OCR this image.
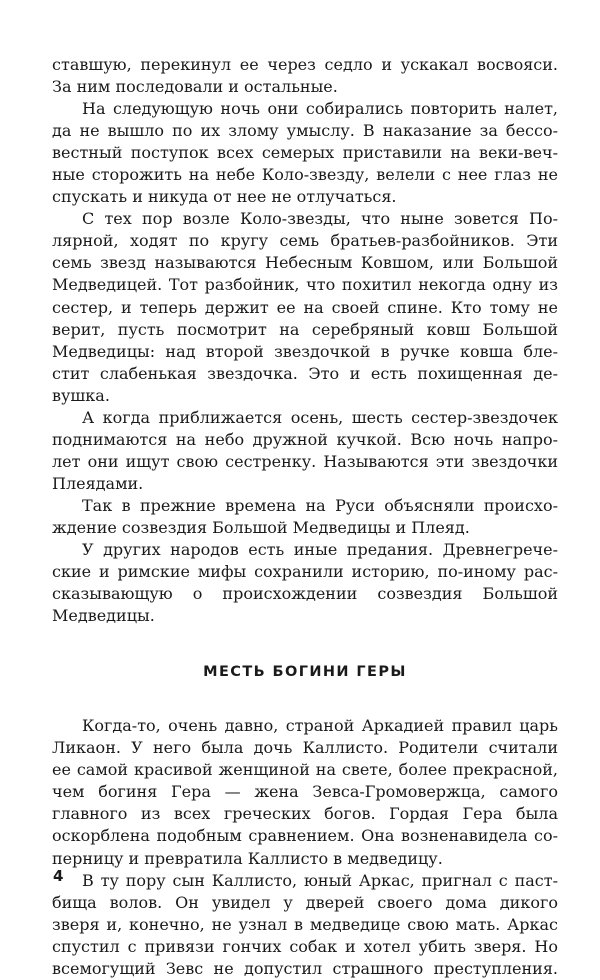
ставшую, перекинул ее через седло и ускакал восвояси.
За ним последовали и остальные.
На следующую ночь они собирались повторить налет,
да не вышло по их злому умыслу. В наказание за бессо-
вестный поступок всех семерых приставили на веки-веч-
ные сторожить на небе Коло-звезду, велели с нее глаз не
спускать и никуда от нее не отлучаться.
С тех пор возле Коло-звезды, что ныне зовется По-
лярной, ходят по кругу семь братьев-разбойников. Эти
семь звезд называются Небесным Ковшом, или Большой
Медведицей. Тот разбойник, что похитил некогда одну из
сестер, и теперь держит ее на своей спине. Кто тому не
верит, пусть посмотрит на серебряный ковш Большой
Медведицы: над второй звездочкой в ручке ковша бле-
стит слабенькая звездочка. Это и есть похищенная де-
вушка.
А когда приближается осень, шесть сестер-звездочек
поднимаются на небо дружной кучкой. Всю ночь напро-
лет они ищут свою сестренку. Называются эти звездочки
Плеядами.
Так в прежние времена на Руси объясняли происхо-
ждение созвездия Большой Медведицы и Плеяд.
У других народов есть иные предания. Древнегрече-
ские и римские мифы сохранили историю, по-иному рас-
сказывающую о происхождении созвездия Большой
Медведицы.
МЕСТЬ БОГИНИ ГЕРЫ
Когда-то, очень давно, страной Аркадией правил царь
Ликаон. У него была дочь Каллисто. Родители считали
ее самой красивой женщиной на свете, более прекрасной,
чем богиня Гера — жена Зевса-Громовержца, самого
главного из всех греческих богов. Гордая Гера была
оскорблена подобным сравнением. Она возненавидела со-
перницу и превратила Каллисто в медведицу.
В ту пору сын Каллисто, юный Аркас, пригнал с паст-
бища волов. Он увидел у дверей своего дома дикого
зверя и, конечно, не узнал в медведице свою мать. Аркас
спустил с привязи гончих собак и хотел убить зверя. Но
всемогущий Зевс не допустил страшного преступления.
4
